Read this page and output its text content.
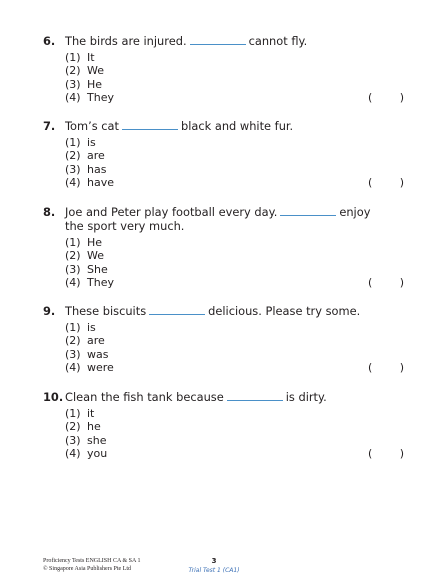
6. The birds are injured.	cannot fly.
(1) It
(2) We
(3) He
(4) They	( )
7. Tom’s cat	black and white fur.
(1) is
(2) are
(3) has
(4) have	( )
8. Joe and Peter play football every day.	enjoy the sport very much.
(1) He
(2) We
(3) She
(4) They	( )
9. These biscuits	delicious. Please try some.
(1) is
(2) are
(3) was
(4) were	( )
10. Clean the fish tank because	is dirty.
(1) it
(2) he
(3) she
(4) you	( )
Proficiency Tests ENGLISH CA & SA 1
© Singapore Asia Publishers Pte Ltd
3
Trial Test 1 (CA1)
